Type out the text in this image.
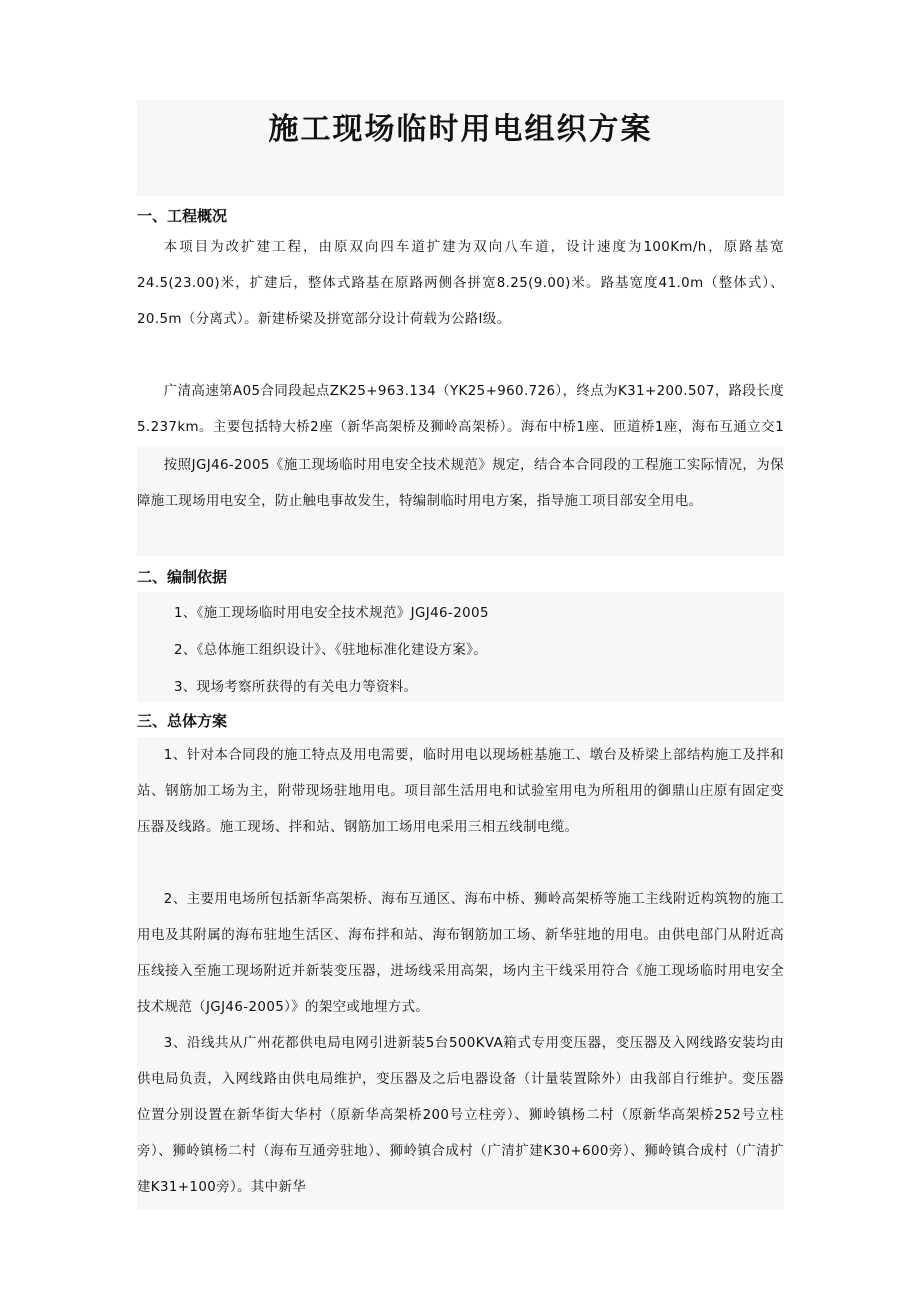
施工现场临时用电组织方案
一、工程概况
本项目为改扩建工程，由原双向四车道扩建为双向八车道，设计速度为100Km/h，原路基宽24.5(23.00)米，扩建后，整体式路基在原路两侧各拼宽8.25(9.00)米。路基宽度41.0m（整体式）、20.5m（分离式）。新建桥梁及拼宽部分设计荷载为公路Ⅰ级。
广清高速第A05合同段起点ZK25+963.134（YK25+960.726），终点为K31+200.507，路段长度5.237km。主要包括特大桥2座（新华高架桥及狮岭高架桥）。海布中桥1座、匝道桥1座，海布互通立交1
按照JGJ46-2005《施工现场临时用电安全技术规范》规定，结合本合同段的工程施工实际情况，为保障施工现场用电安全，防止触电事故发生，特编制临时用电方案，指导施工项目部安全用电。
二、编制依据
1、《施工现场临时用电安全技术规范》JGJ46-2005
2、《总体施工组织设计》、《驻地标准化建设方案》。
3、现场考察所获得的有关电力等资料。
三、总体方案
1、针对本合同段的施工特点及用电需要，临时用电以现场桩基施工、墩台及桥梁上部结构施工及拌和站、钢筋加工场为主，附带现场驻地用电。项目部生活用电和试验室用电为所租用的御鼎山庄原有固定变压器及线路。施工现场、拌和站、钢筋加工场用电采用三相五线制电缆。
2、主要用电场所包括新华高架桥、海布互通区、海布中桥、狮岭高架桥等施工主线附近构筑物的施工用电及其附属的海布驻地生活区、海布拌和站、海布钢筋加工场、新华驻地的用电。由供电部门从附近高压线接入至施工现场附近并新装变压器，进场线采用高架，场内主干线采用符合《施工现场临时用电安全技术规范（JGJ46-2005）》的架空或地埋方式。
3、沿线共从广州花都供电局电网引进新装5台500KVA箱式专用变压器，变压器及入网线路安装均由供电局负责，入网线路由供电局维护，变压器及之后电器设备（计量装置除外）由我部自行维护。变压器位置分别设置在新华街大华村（原新华高架桥200号立柱旁）、狮岭镇杨二村（原新华高架桥252号立柱旁）、狮岭镇杨二村（海布互通旁驻地）、狮岭镇合成村（广清扩建K30+600旁）、狮岭镇合成村（广清扩建K31+100旁）。其中新华
